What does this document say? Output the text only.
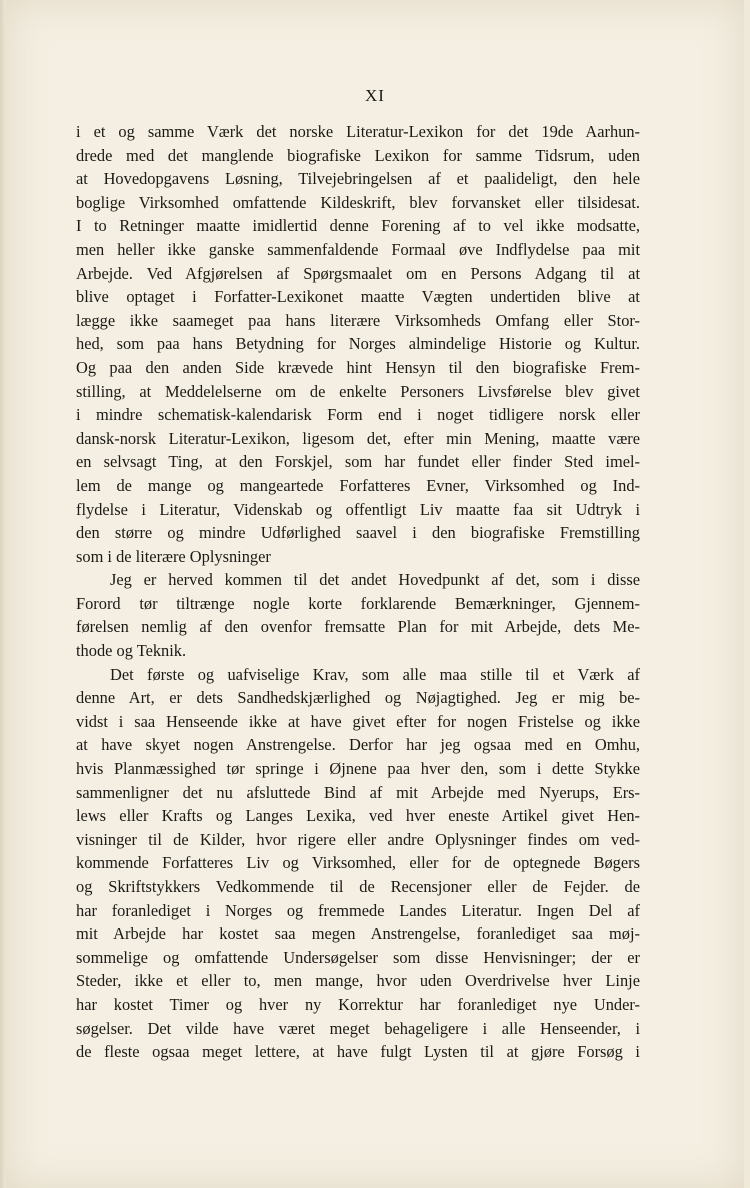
XI
i et og samme Værk det norske Literatur-Lexikon for det 19de Aarhun-
drede med det manglende biografiske Lexikon for samme Tidsrum, uden
at Hovedopgavens Løsning, Tilvejebringelsen af et paalideligt, den hele
boglige Virksomhed omfattende Kildeskrift, blev forvansket eller tilsidesat.
I to Retninger maatte imidlertid denne Forening af to vel ikke modsatte,
men heller ikke ganske sammenfaldende Formaal øve Indflydelse paa mit
Arbejde. Ved Afgjørelsen af Spørgsmaalet om en Persons Adgang til at
blive optaget i Forfatter-Lexikonet maatte Vægten undertiden blive at
lægge ikke saameget paa hans literære Virksomheds Omfang eller Stor-
hed, som paa hans Betydning for Norges almindelige Historie og Kultur.
Og paa den anden Side krævede hint Hensyn til den biografiske Frem-
stilling, at Meddelelserne om de enkelte Personers Livsførelse blev givet
i mindre schematisk-kalendarisk Form end i noget tidligere norsk eller
dansk-norsk Literatur-Lexikon, ligesom det, efter min Mening, maatte være
en selvsagt Ting, at den Forskjel, som har fundet eller finder Sted imel-
lem de mange og mangeartede Forfatteres Evner, Virksomhed og Ind-
flydelse i Literatur, Videnskab og offentligt Liv maatte faa sit Udtryk i
den større og mindre Udførlighed saavel i den biografiske Fremstilling
som i de literære Oplysninger
Jeg er herved kommen til det andet Hovedpunkt af det, som i disse
Forord tør tiltrænge nogle korte forklarende Bemærkninger, Gjennem-
førelsen nemlig af den ovenfor fremsatte Plan for mit Arbejde, dets Me-
thode og Teknik.
Det første og uafviselige Krav, som alle maa stille til et Værk af
denne Art, er dets Sandhedskjærlighed og Nøjagtighed. Jeg er mig be-
vidst i saa Henseende ikke at have givet efter for nogen Fristelse og ikke
at have skyet nogen Anstrengelse. Derfor har jeg ogsaa med en Omhu,
hvis Planmæssighed tør springe i Øjnene paa hver den, som i dette Stykke
sammenligner det nu afsluttede Bind af mit Arbejde med Nyerups, Ers-
lews eller Krafts og Langes Lexika, ved hver eneste Artikel givet Hen-
visninger til de Kilder, hvor rigere eller andre Oplysninger findes om ved-
kommende Forfatteres Liv og Virksomhed, eller for de optegnede Bøgers
og Skriftstykkers Vedkommende til de Recensjoner eller de Fejder. de
har foranlediget i Norges og fremmede Landes Literatur. Ingen Del af
mit Arbejde har kostet saa megen Anstrengelse, foranlediget saa møj-
sommelige og omfattende Undersøgelser som disse Henvisninger; der er
Steder, ikke et eller to, men mange, hvor uden Overdrivelse hver Linje
har kostet Timer og hver ny Korrektur har foranlediget nye Under-
søgelser. Det vilde have været meget behageligere i alle Henseender, i
de fleste ogsaa meget lettere, at have fulgt Lysten til at gjøre Forsøg i
